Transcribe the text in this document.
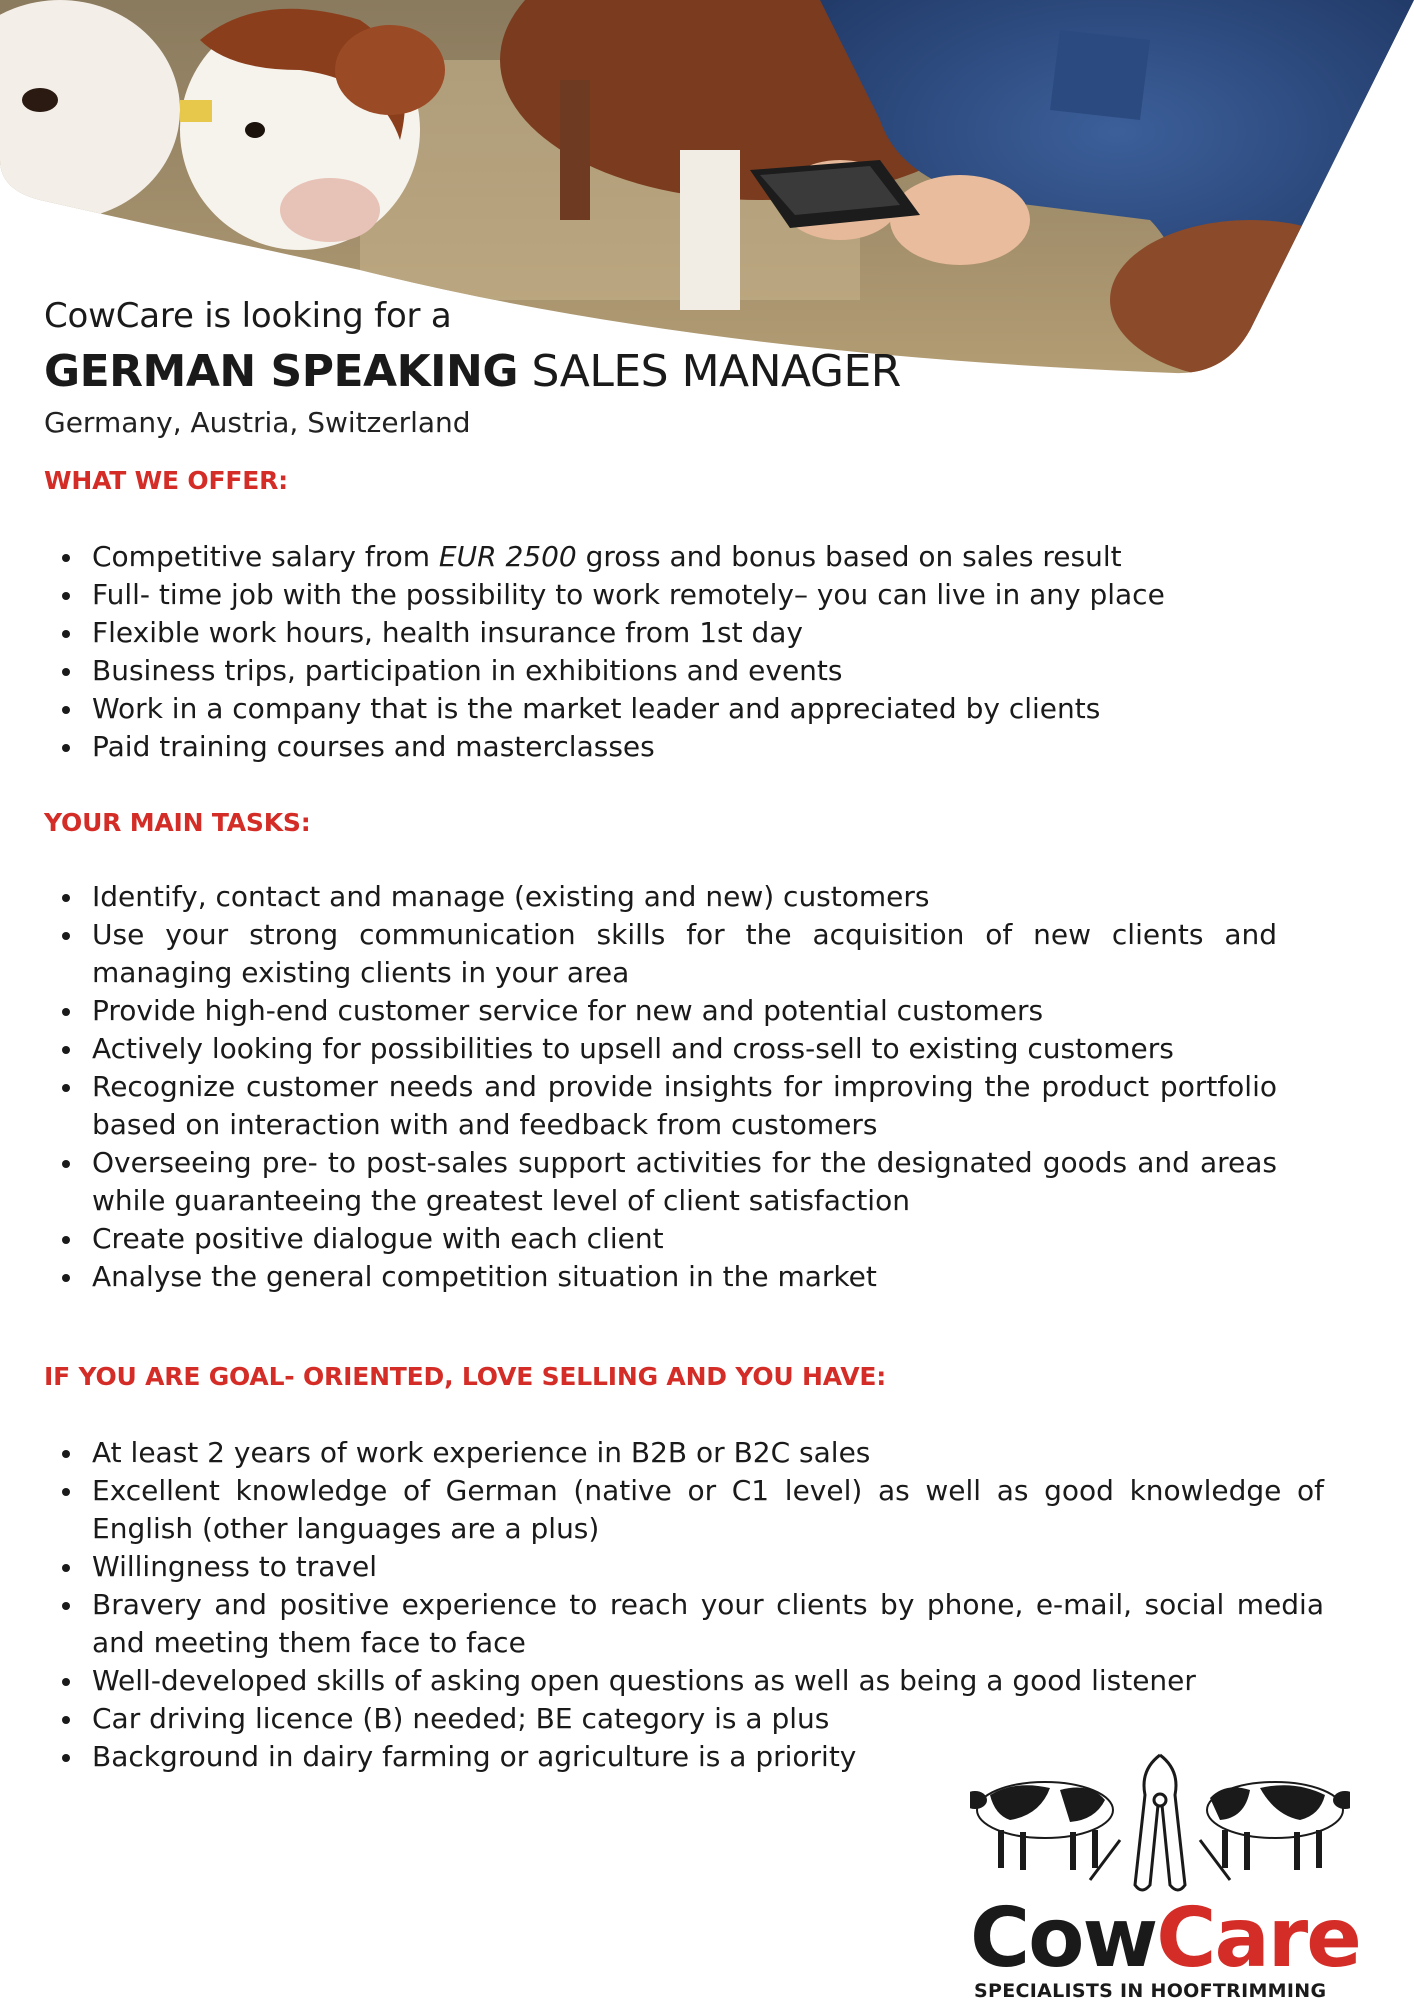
CowCare is looking for a
GERMAN SPEAKING SALES MANAGER
Germany, Austria, Switzerland
WHAT WE OFFER:
Competitive salary from EUR 2500 gross and bonus based on sales result
Full- time job with the possibility to work remotely– you can live in any place
Flexible work hours, health insurance from 1st day
Business trips, participation in exhibitions and events
Work in a company that is the market leader and appreciated by clients
Paid training courses and masterclasses
YOUR MAIN TASKS:
Identify, contact and manage (existing and new) customers
Use your strong communication skills for the acquisition of new clients and managing existing clients in your area
Provide high-end customer service for new and potential customers
Actively looking for possibilities to upsell and cross-sell to existing customers
Recognize customer needs and provide insights for improving the product portfolio based on interaction with and feedback from customers
Overseeing pre- to post-sales support activities for the designated goods and areas while guaranteeing the greatest level of client satisfaction
Create positive dialogue with each client
Analyse the general competition situation in the market
IF YOU ARE GOAL- ORIENTED, LOVE SELLING AND YOU HAVE:
At least 2 years of work experience in B2B or B2C sales
Excellent knowledge of German (native or C1 level) as well as good knowledge of English (other languages are a plus)
Willingness to travel
Bravery and positive experience to reach your clients by phone, e-mail, social media and meeting them face to face
Well-developed skills of asking open questions as well as being a good listener
Car driving licence (B) needed; BE category is a plus
Background in dairy farming or agriculture is a priority
CowCare
SPECIALISTS IN HOOFTRIMMING
